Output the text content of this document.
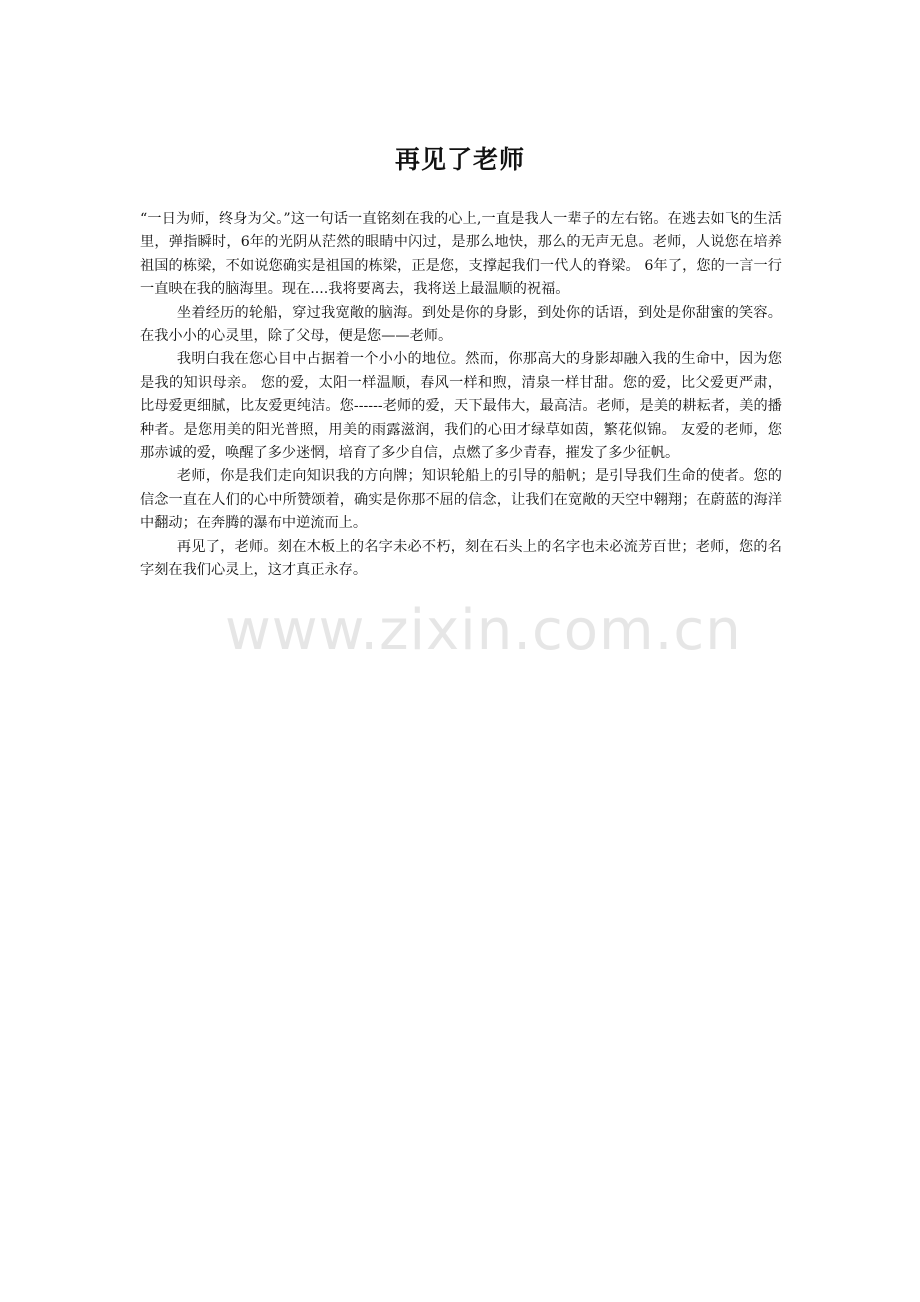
再见了老师

“一日为师，终身为父。”这一句话一直铭刻在我的心上,一直是我人一辈子的左右铭。在逃去如飞的生活里，弹指瞬时，6年的光阴从茫然的眼睛中闪过，是那么地快，那么的无声无息。老师，人说您在培养祖国的栋梁，不如说您确实是祖国的栋梁，正是您，支撑起我们一代人的脊梁。 6年了，您的一言一行一直映在我的脑海里。现在....我将要离去，我将送上最温顺的祝福。

坐着经历的轮船，穿过我宽敞的脑海。到处是你的身影，到处你的话语，到处是你甜蜜的笑容。在我小小的心灵里，除了父母，便是您——老师。

我明白我在您心目中占据着一个小小的地位。然而，你那高大的身影却融入我的生命中，因为您是我的知识母亲。 您的爱，太阳一样温顺，春风一样和煦，清泉一样甘甜。您的爱，比父爱更严肃，比母爱更细腻，比友爱更纯洁。您------老师的爱，天下最伟大，最高洁。老师，是美的耕耘者，美的播种者。是您用美的阳光普照，用美的雨露滋润，我们的心田才绿草如茵，繁花似锦。 友爱的老师，您那赤诚的爱，唤醒了多少迷惘，培育了多少自信，点燃了多少青春，摧发了多少征帆。

老师，你是我们走向知识我的方向牌；知识轮船上的引导的船帆；是引导我们生命的使者。您的信念一直在人们的心中所赞颂着，确实是你那不屈的信念，让我们在宽敞的天空中翱翔；在蔚蓝的海洋中翻动；在奔腾的瀑布中逆流而上。

再见了，老师。刻在木板上的名字未必不朽，刻在石头上的名字也未必流芳百世；老师，您的名字刻在我们心灵上，这才真正永存。

www.zixin.com.cn
